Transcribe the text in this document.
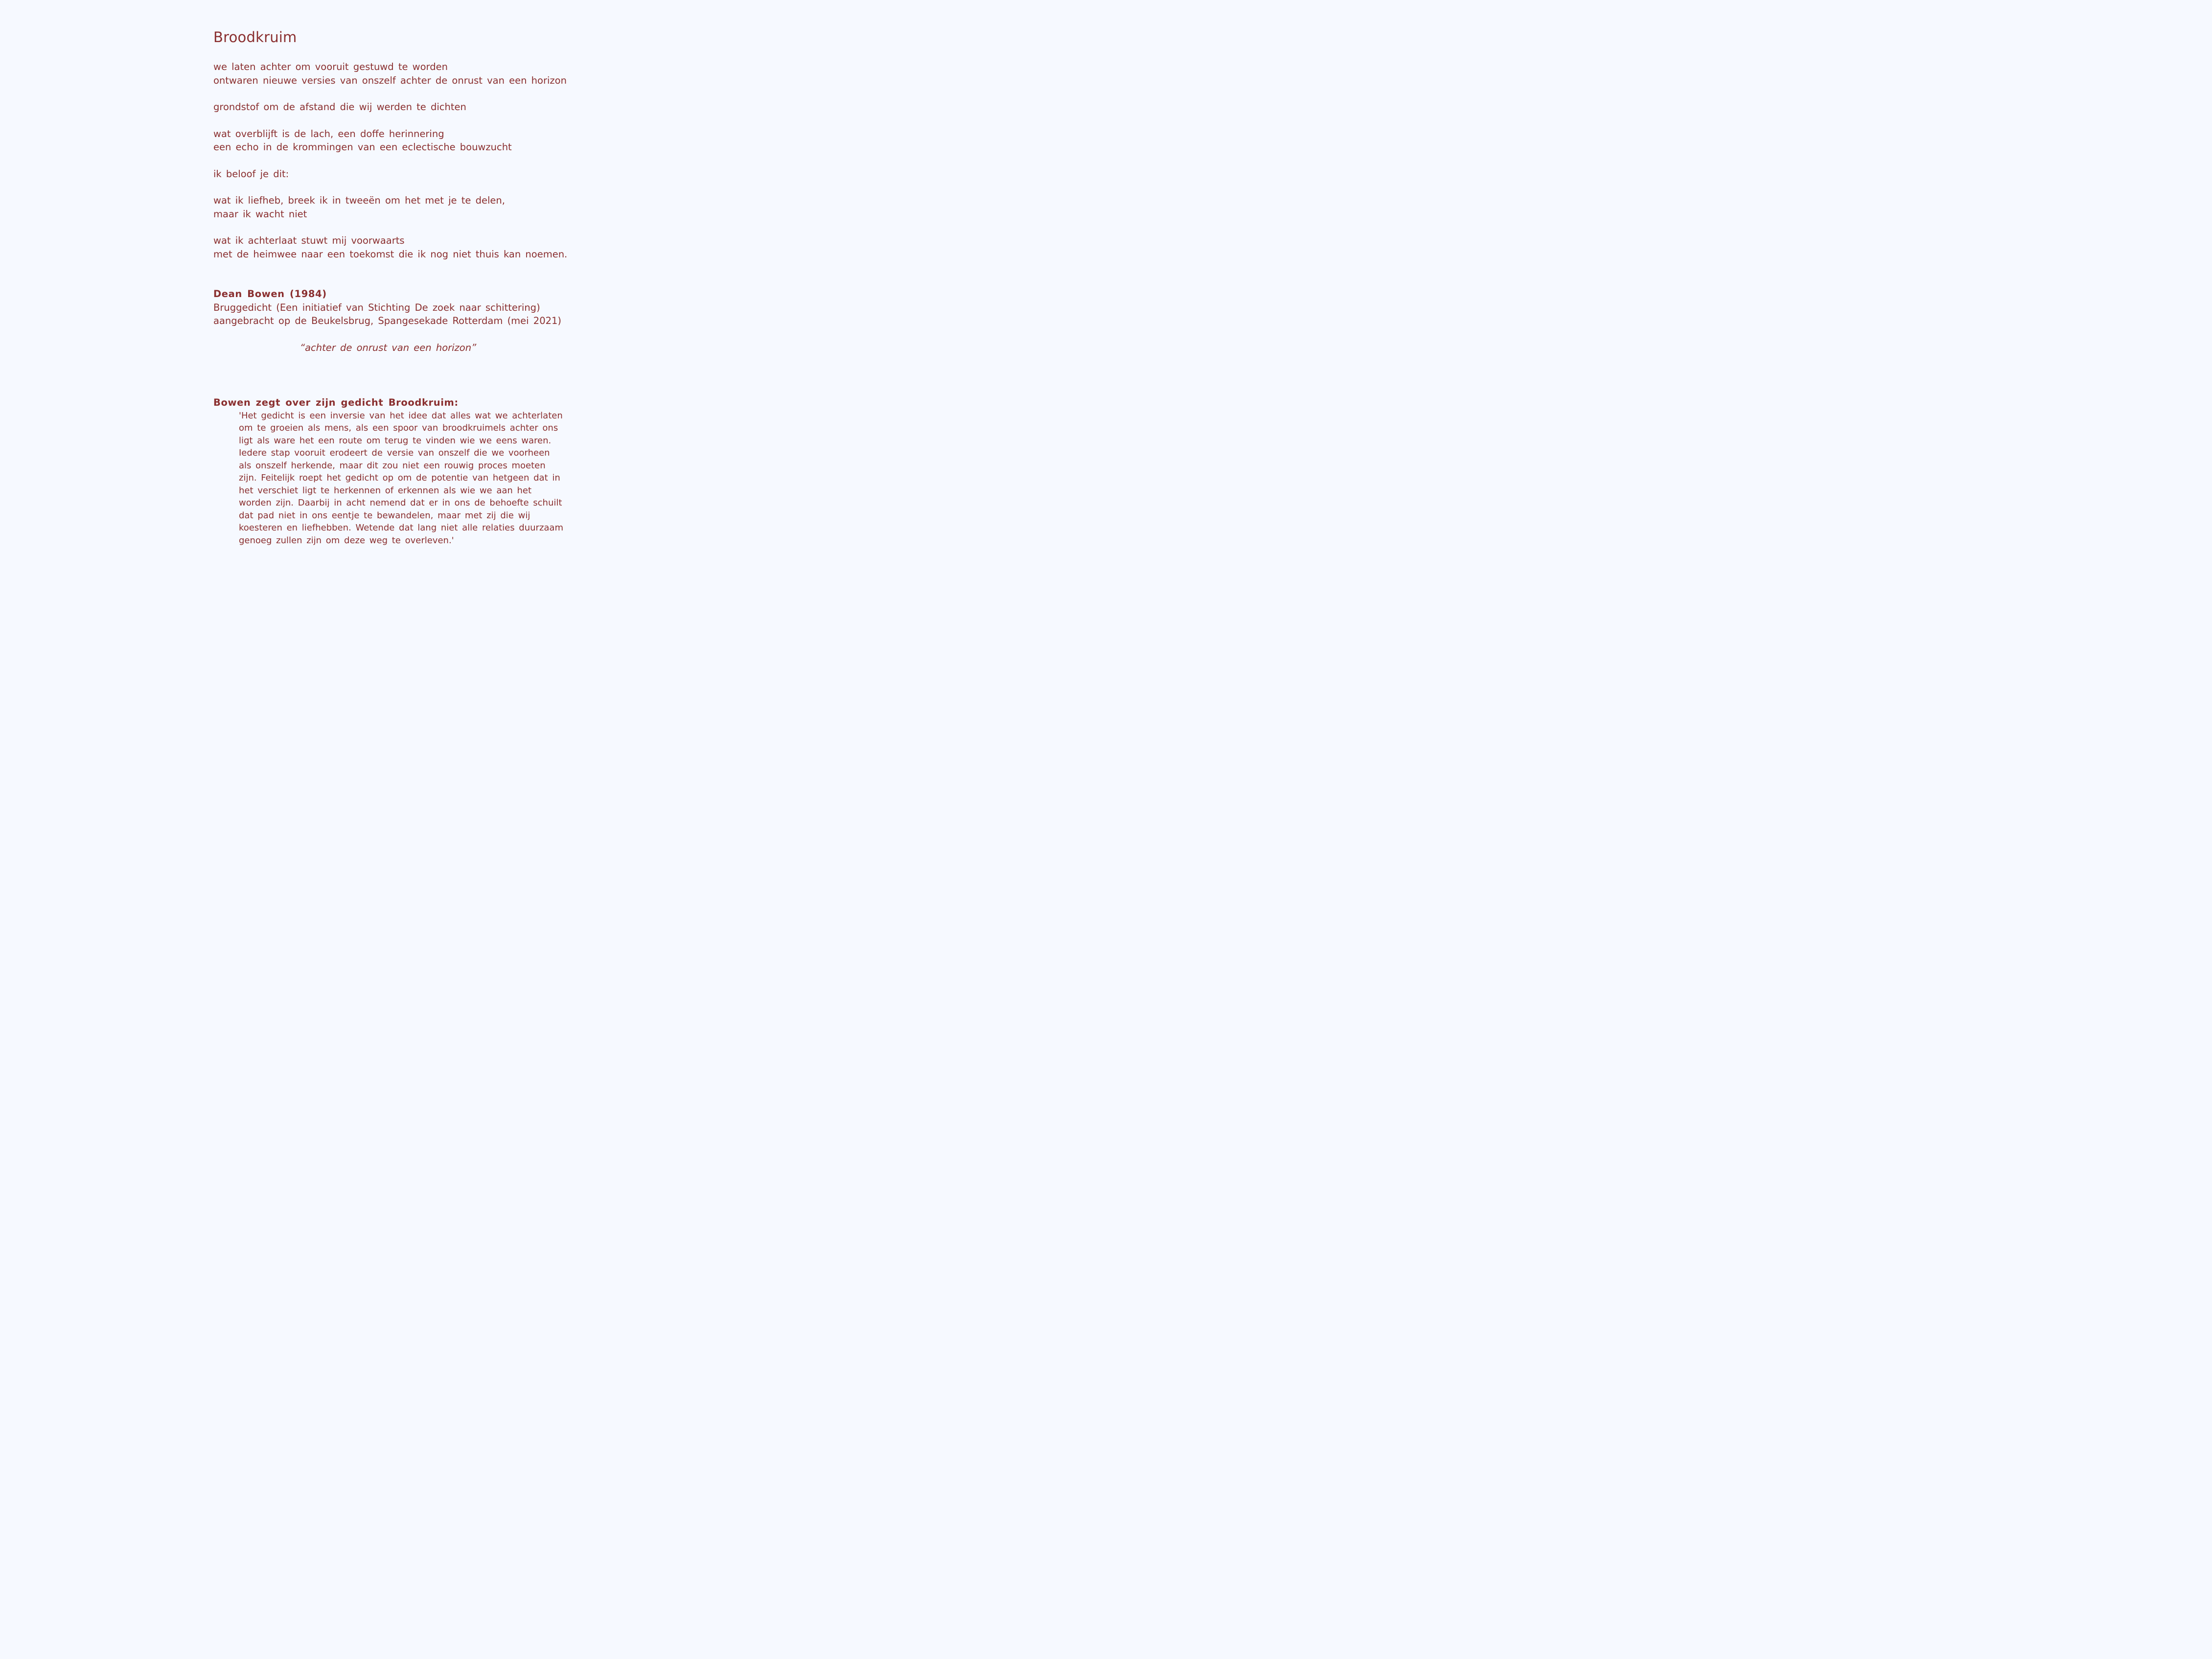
Broodkruim
we laten achter om vooruit gestuwd te worden
ontwaren nieuwe versies van onszelf achter de onrust van een horizon
grondstof om de afstand die wij werden te dichten
wat overblijft is de lach, een doffe herinnering
een echo in de krommingen van een eclectische bouwzucht
ik beloof je dit:
wat ik liefheb, breek ik in tweeën om het met je te delen,
maar ik wacht niet
wat ik achterlaat stuwt mij voorwaarts
met de heimwee naar een toekomst die ik nog niet thuis kan noemen.
Dean Bowen (1984)
Bruggedicht (Een initiatief van Stichting De zoek naar schittering)
aangebracht op de Beukelsbrug, Spangesekade Rotterdam (mei 2021)
“achter de onrust van een horizon”
Bowen zegt over zijn gedicht Broodkruim:
'Het gedicht is een inversie van het idee dat alles wat we achterlaten
om te groeien als mens, als een spoor van broodkruimels achter ons
ligt als ware het een route om terug te vinden wie we eens waren.
Iedere stap vooruit erodeert de versie van onszelf die we voorheen
als onszelf herkende, maar dit zou niet een rouwig proces moeten
zijn. Feitelijk roept het gedicht op om de potentie van hetgeen dat in
het verschiet ligt te herkennen of erkennen als wie we aan het
worden zijn. Daarbij in acht nemend dat er in ons de behoefte schuilt
dat pad niet in ons eentje te bewandelen, maar met zij die wij
koesteren en liefhebben. Wetende dat lang niet alle relaties duurzaam
genoeg zullen zijn om deze weg te overleven.'
